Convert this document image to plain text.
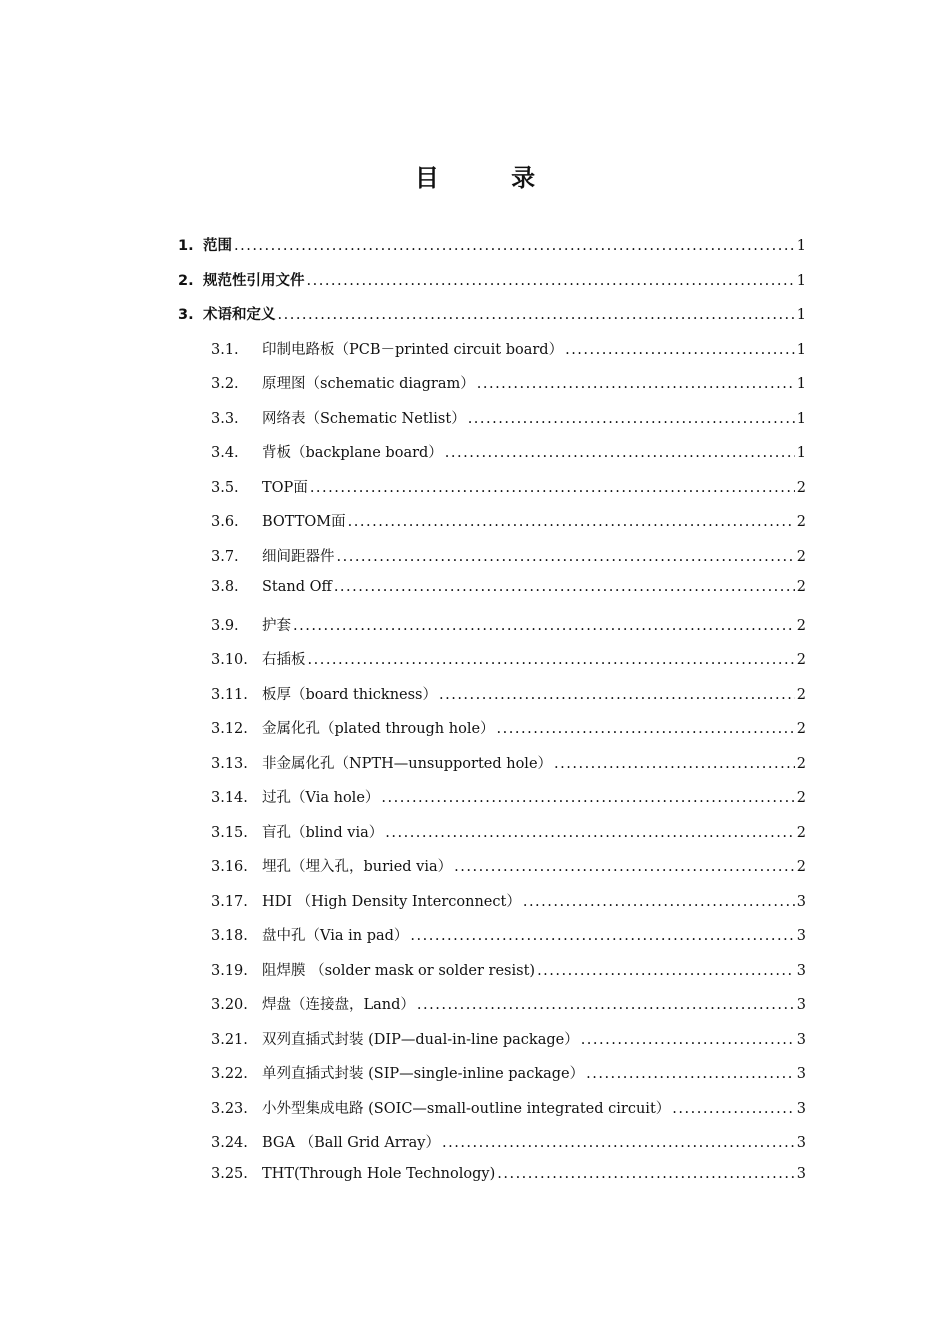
目 录
1. 范围 .....	1
2. 规范性引用文件 .....	1
3. 术语和定义 .....	1
3.1.	印制电路板（PCB－printed circuit board） .....	1
3.2.	原理图（schematic diagram） .....	1
3.3.	网络表（Schematic Netlist） .....	1
3.4.	背板（backplane board） .....	1
3.5.	TOP面 .....	2
3.6.	BOTTOM面 .....	2
3.7.	细间距器件 .....	2
3.8.	Stand Off .....	2
3.9.	护套 .....	2
3.10. 右插板 .....	2
3.11. 板厚（board thickness） .....	2
3.12. 金属化孔（plated through hole） .....	2
3.13. 非金属化孔（NPTH—unsupported hole） .....	2
3.14. 过孔（Via hole） .....	2
3.15. 盲孔（blind via） .....	2
3.16. 埋孔（埋入孔，buried via） .....	2
3.17. HDI （High Density Interconnect） .....	3
3.18. 盘中孔（Via in pad） .....	3
3.19. 阻焊膜 （solder mask or solder resist) .....	3
3.20. 焊盘（连接盘，Land） .....	3
3.21. 双列直插式封装 (DIP—dual-in-line package） .....	3
3.22. 单列直插式封装 (SIP—single-inline package） .....	3
3.23. 小外型集成电路 (SOIC—small-outline integrated circuit） .....	3
3.24. BGA （Ball Grid Array） .....	3
3.25. THT(Through Hole Technology) .....	3
